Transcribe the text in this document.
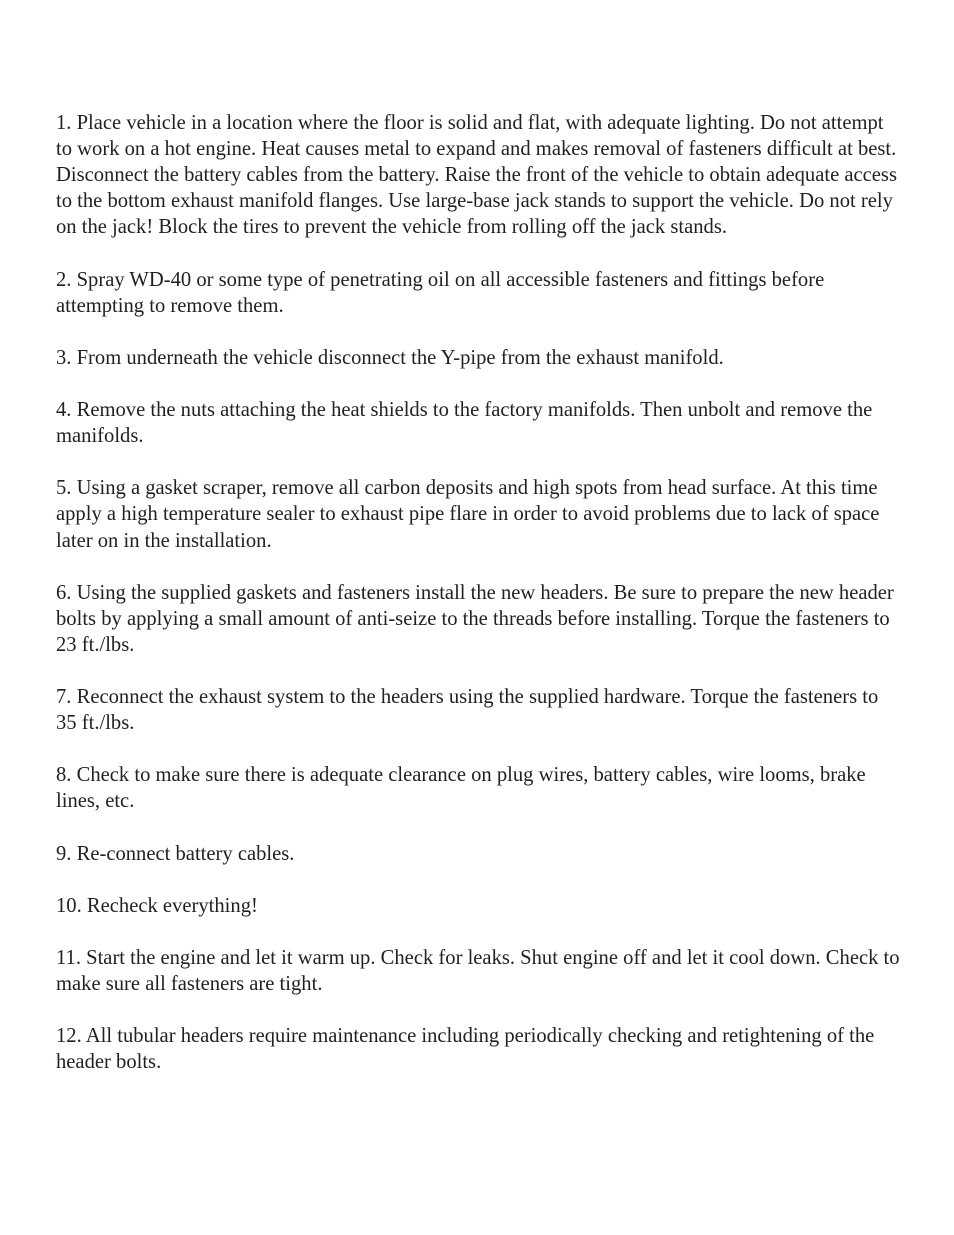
1. Place vehicle in a location where the floor is solid and flat, with adequate lighting. Do not attempt to work on a hot engine. Heat causes metal to expand and makes removal of fasteners difficult at best. Disconnect the battery cables from the battery. Raise the front of the vehicle to obtain adequate access to the bottom exhaust manifold flanges. Use large-base jack stands to support the vehicle. Do not rely on the jack! Block the tires to prevent the vehicle from rolling off the jack stands.

2. Spray WD-40 or some type of penetrating oil on all accessible fasteners and fittings before attempting to remove them.

3. From underneath the vehicle disconnect the Y-pipe from the exhaust manifold.

4. Remove the nuts attaching the heat shields to the factory manifolds. Then unbolt and remove the manifolds.

5. Using a gasket scraper, remove all carbon deposits and high spots from head surface. At this time apply a high temperature sealer to exhaust pipe flare in order to avoid problems due to lack of space later on in the installation.

6. Using the supplied gaskets and fasteners install the new headers. Be sure to prepare the new header bolts by applying a small amount of anti-seize to the threads before installing. Torque the fasteners to 23 ft./lbs.

7. Reconnect the exhaust system to the headers using the supplied hardware. Torque the fasteners to 35 ft./lbs.

8. Check to make sure there is adequate clearance on plug wires, battery cables, wire looms, brake lines, etc.

9. Re-connect battery cables.

10. Recheck everything!

11. Start the engine and let it warm up. Check for leaks. Shut engine off and let it cool down. Check to make sure all fasteners are tight.

12. All tubular headers require maintenance including periodically checking and retightening of the header bolts.
